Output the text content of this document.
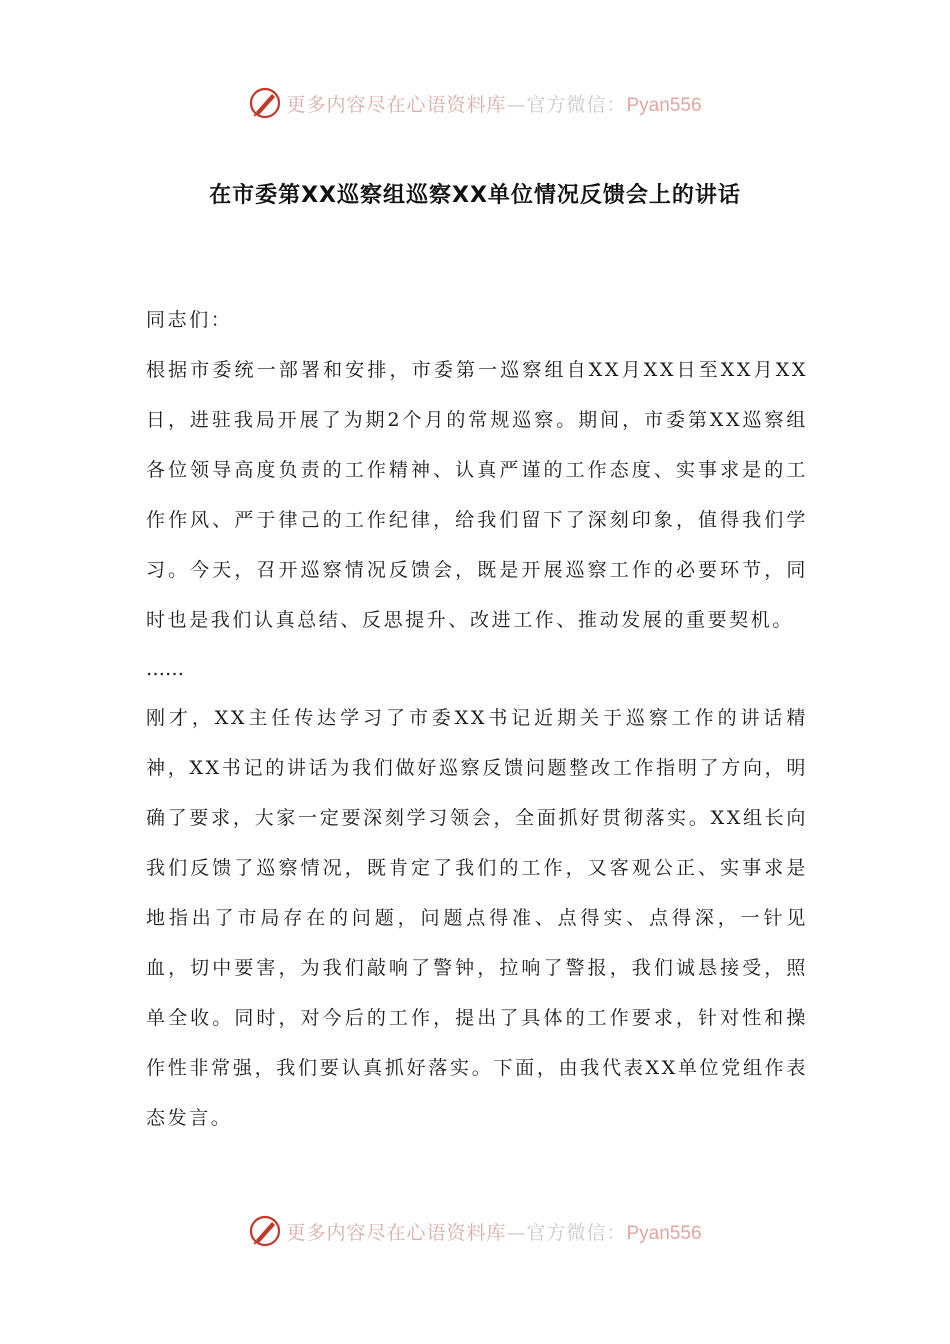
更多内容尽在心语资料库—官方微信：Pyan556
在市委第XX巡察组巡察XX单位情况反馈会上的讲话

同志们：

根据市委统一部署和安排，市委第一巡察组自XX月XX日至XX月XX日，进驻我局开展了为期2个月的常规巡察。期间，市委第XX巡察组各位领导高度负责的工作精神、认真严谨的工作态度、实事求是的工作作风、严于律己的工作纪律，给我们留下了深刻印象，值得我们学习。今天，召开巡察情况反馈会，既是开展巡察工作的必要环节，同时也是我们认真总结、反思提升、改进工作、推动发展的重要契机。

……

刚才，XX主任传达学习了市委XX书记近期关于巡察工作的讲话精神，XX书记的讲话为我们做好巡察反馈问题整改工作指明了方向，明确了要求，大家一定要深刻学习领会，全面抓好贯彻落实。XX组长向我们反馈了巡察情况，既肯定了我们的工作，又客观公正、实事求是地指出了市局存在的问题，问题点得准、点得实、点得深，一针见血，切中要害，为我们敲响了警钟，拉响了警报，我们诚恳接受，照单全收。同时，对今后的工作，提出了具体的工作要求，针对性和操作性非常强，我们要认真抓好落实。下面，由我代表XX单位党组作表态发言。

更多内容尽在心语资料库—官方微信：Pyan556
